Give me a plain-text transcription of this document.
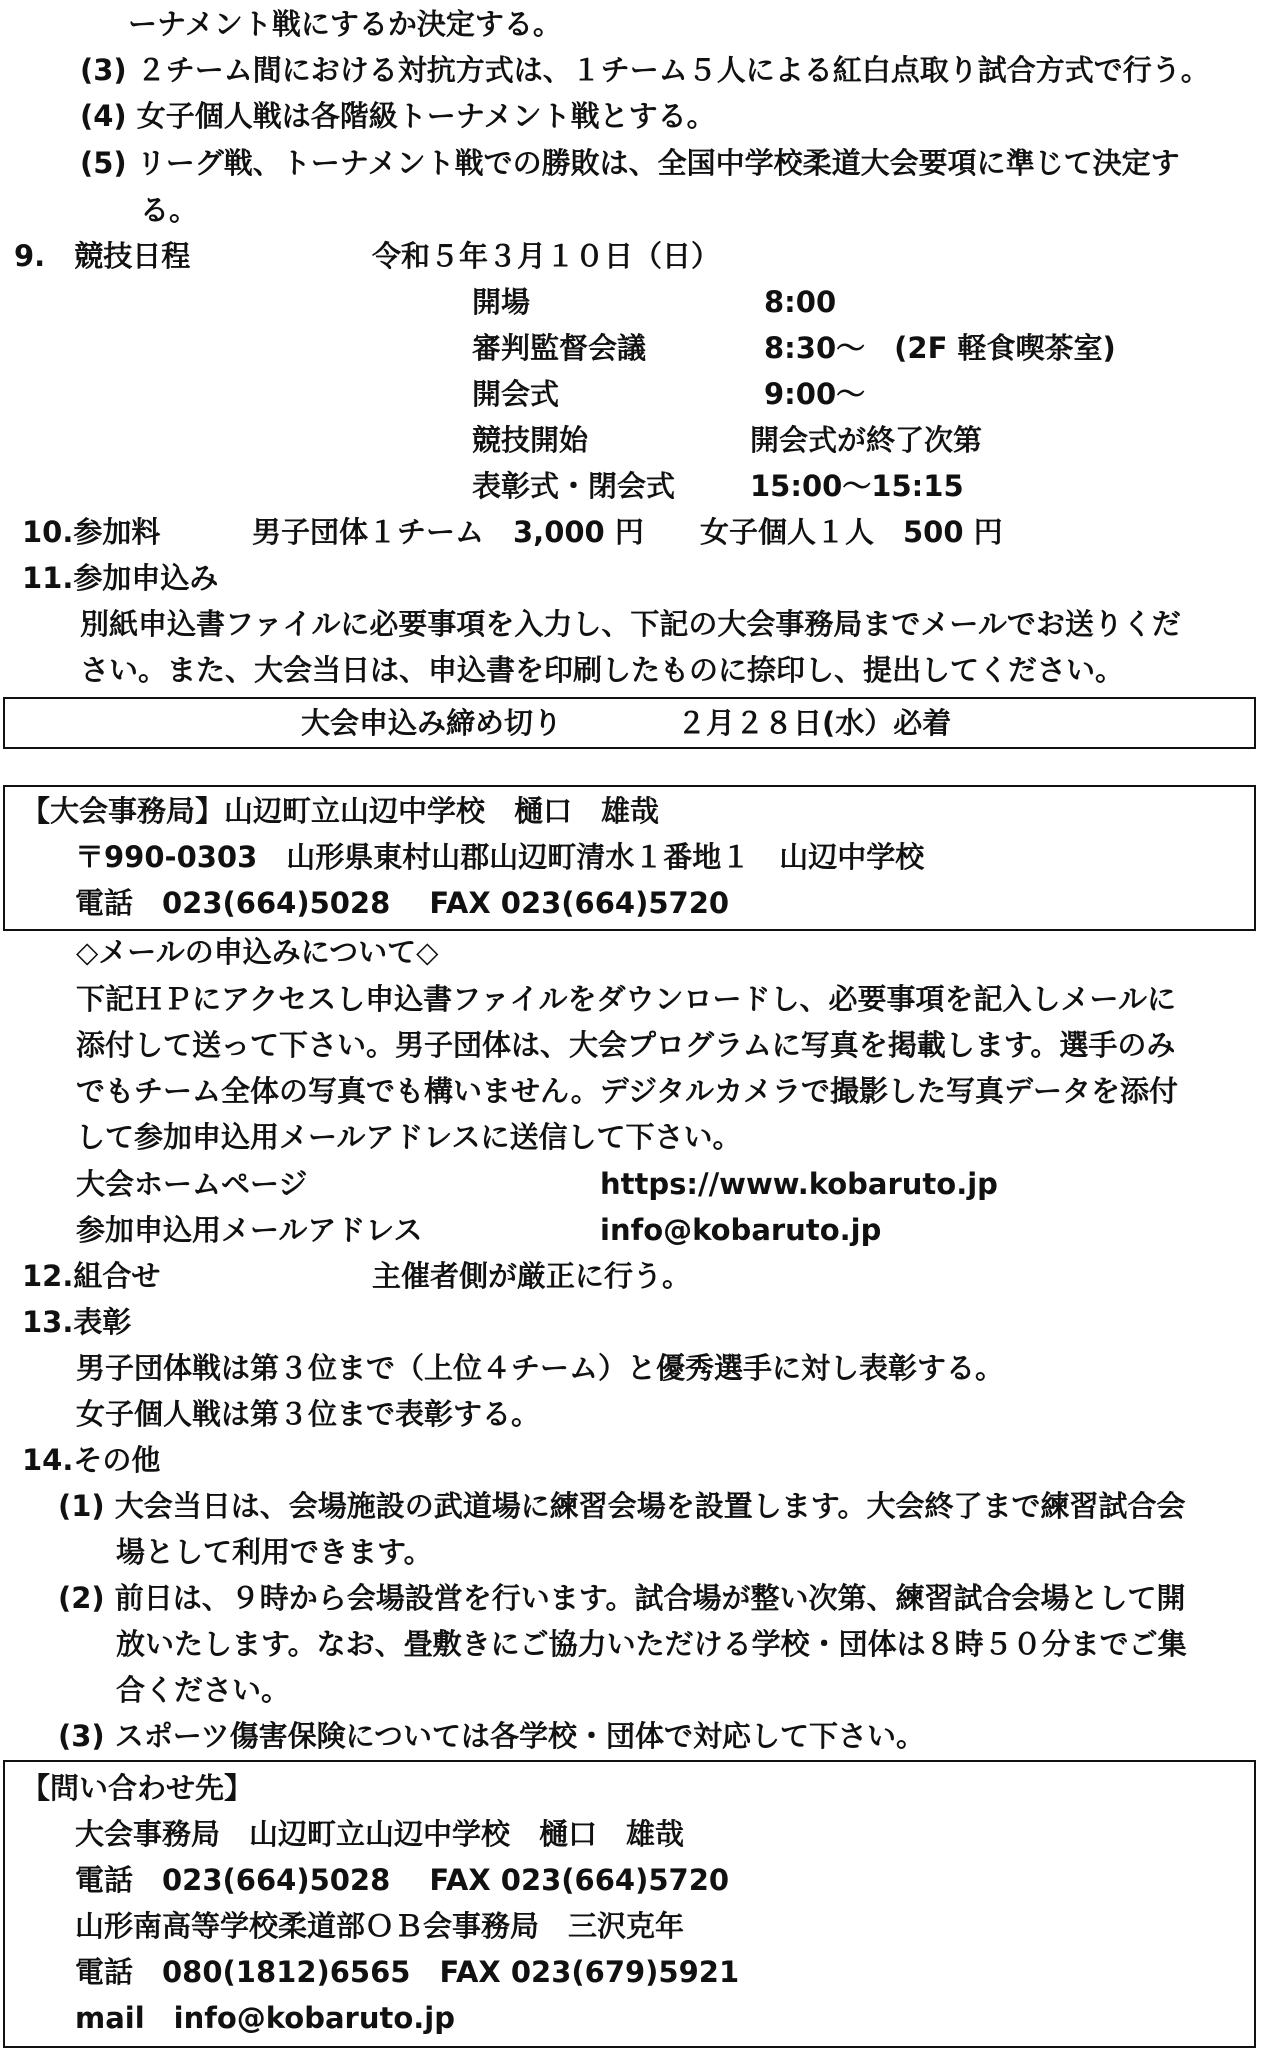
ーナメント戦にするか決定する。
(3) ２チーム間における対抗方式は、１チーム５人による紅白点取り試合方式で行う。
(4) 女子個人戦は各階級トーナメント戦とする。
(5) リーグ戦、トーナメント戦での勝敗は、全国中学校柔道大会要項に準じて決定す
る。
9.　競技日程	令和５年３月１０日（日）
開場	8:00
審判監督会議	8:30～　(2F 軽食喫茶室)
開会式	9:00～
競技開始	開会式が終了次第
表彰式・閉会式	15:00～15:15
10.参加料	男子団体１チーム　3,000 円 女子個人１人　500 円
11.参加申込み
別紙申込書ファイルに必要事項を入力し、下記の大会事務局までメールでお送りくだ
さい。また、大会当日は、申込書を印刷したものに捺印し、提出してください。
大会申込み締め切り	２月２８日(水）必着
【大会事務局】山辺町立山辺中学校　樋口　雄哉
〒990-0303　山形県東村山郡山辺町清水１番地１　山辺中学校
電話　023(664)5028　 FAX 023(664)5720
◇メールの申込みについて◇
下記ＨＰにアクセスし申込書ファイルをダウンロードし、必要事項を記入しメールに
添付して送って下さい。男子団体は、大会プログラムに写真を掲載します。選手のみ
でもチーム全体の写真でも構いません。デジタルカメラで撮影した写真データを添付
して参加申込用メールアドレスに送信して下さい。
大会ホームページ	https://www.kobaruto.jp
参加申込用メールアドレス	info@kobaruto.jp
12.組合せ	主催者側が厳正に行う。
13.表彰
男子団体戦は第３位まで（上位４チーム）と優秀選手に対し表彰する。
女子個人戦は第３位まで表彰する。
14.その他
(1) 大会当日は、会場施設の武道場に練習会場を設置します。大会終了まで練習試合会
場として利用できます。
(2) 前日は、９時から会場設営を行います。試合場が整い次第、練習試合会場として開
放いたします。なお、畳敷きにご協力いただける学校・団体は８時５０分までご集
合ください。
(3) スポーツ傷害保険については各学校・団体で対応して下さい。
【問い合わせ先】
大会事務局　山辺町立山辺中学校　樋口　雄哉
電話　023(664)5028　 FAX 023(664)5720
山形南高等学校柔道部ＯＢ会事務局　三沢克年
電話　080(1812)6565　FAX 023(679)5921
mail　info@kobaruto.jp
